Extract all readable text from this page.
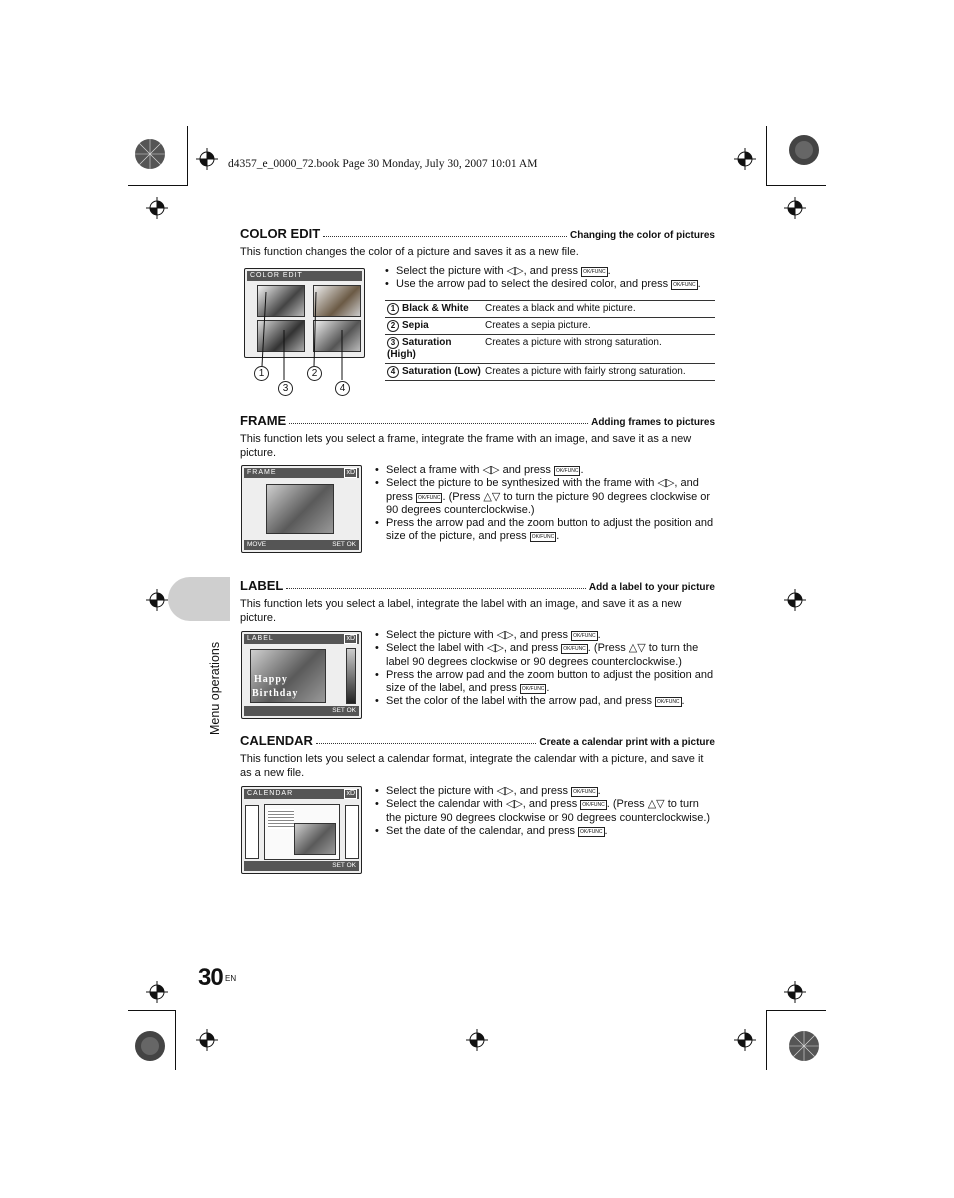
d4357_e_0000_72.book Page 30 Monday, July 30, 2007 10:01 AM
Menu operations
COLOR EDIT	Changing the color of pictures
This function changes the color of a picture and saves it as a new file.
COLOR EDIT
1
3
2
4
• Select the picture with ◁▷, and press OK/FUNC .
• Use the arrow pad to select the desired color, and press OK/FUNC .
1 Black & White	Creates a black and white picture.
2 Sepia	Creates a sepia picture.
3 Saturation (High)	Creates a picture with strong saturation.
4 Saturation (Low)	Creates a picture with fairly strong saturation.
FRAME	Adding frames to pictures
This function lets you select a frame, integrate the frame with an image, and save it as a new picture.
FRAME	xD
MOVE	SET OK
• Select a frame with ◁▷ and press OK/FUNC .
• Select the picture to be synthesized with the frame with ◁▷, and press OK/FUNC . (Press △▽ to turn the picture 90 degrees clockwise or 90 degrees counterclockwise.)
• Press the arrow pad and the zoom button to adjust the position and size of the picture, and press OK/FUNC .
LABEL	Add a label to your picture
This function lets you select a label, integrate the label with an image, and save it as a new picture.
LABEL	xD
Happy
Birthday
SET OK
• Select the picture with ◁▷, and press OK/FUNC .
• Select the label with ◁▷, and press OK/FUNC . (Press △▽ to turn the label 90 degrees clockwise or 90 degrees counterclockwise.)
• Press the arrow pad and the zoom button to adjust the position and size of the label, and press OK/FUNC .
• Set the color of the label with the arrow pad, and press OK/FUNC .
CALENDAR	Create a calendar print with a picture
This function lets you select a calendar format, integrate the calendar with a picture, and save it as a new file.
CALENDAR	xD
SET OK
• Select the picture with ◁▷, and press OK/FUNC .
• Select the calendar with ◁▷, and press OK/FUNC . (Press △▽ to turn the picture 90 degrees clockwise or 90 degrees counterclockwise.)
• Set the date of the calendar, and press OK/FUNC .
30 EN
